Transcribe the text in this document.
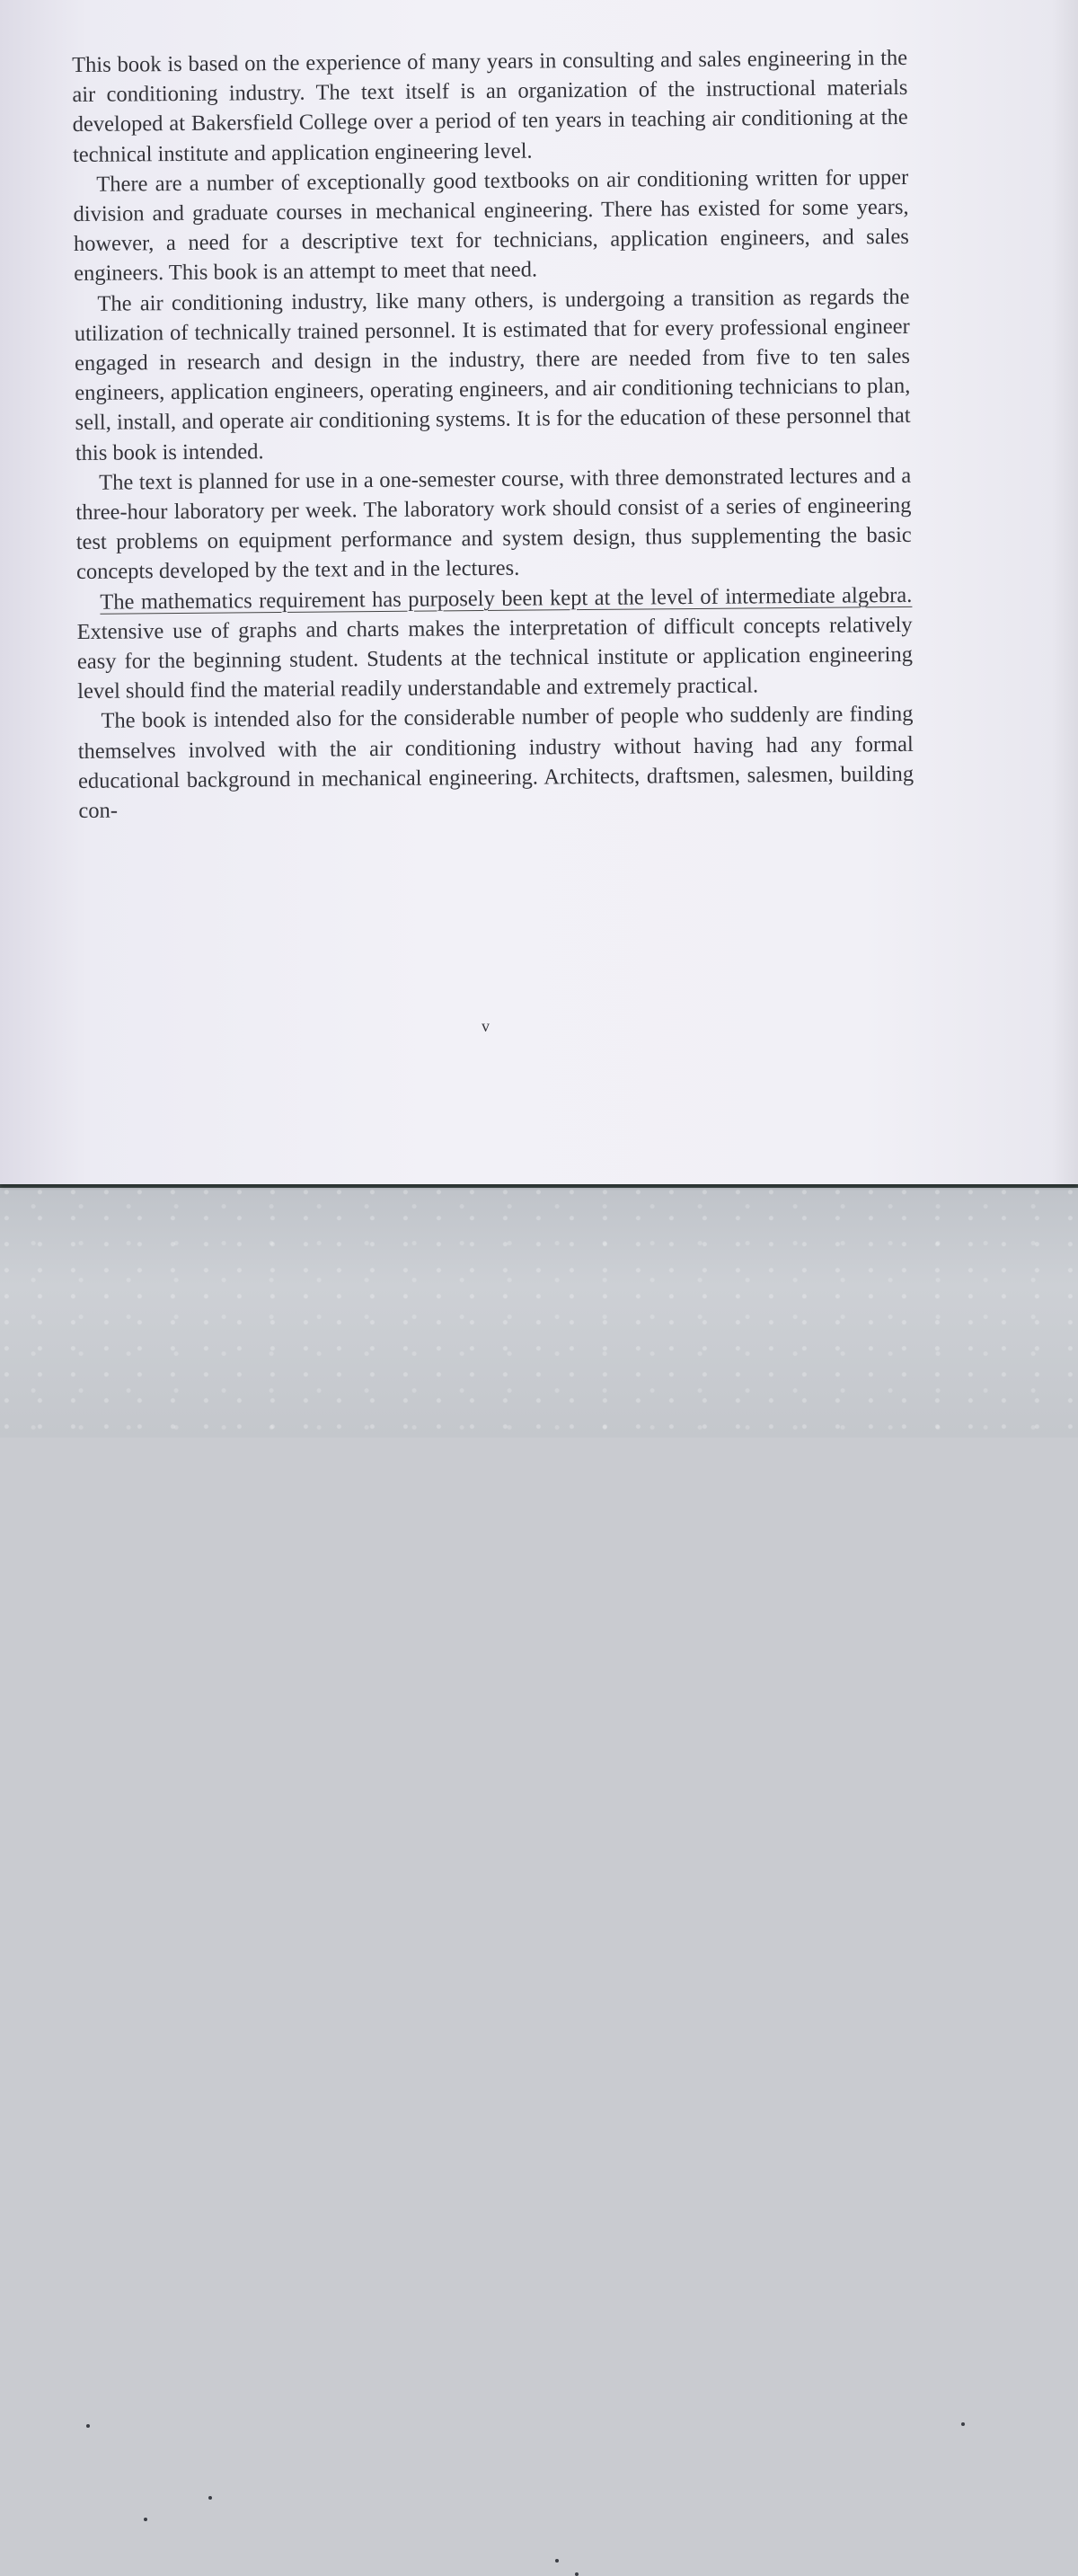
This book is based on the experience of many years in consulting and sales engineering in the air conditioning industry. The text itself is an organization of the instructional materials developed at Bakersfield College over a period of ten years in teaching air conditioning at the technical institute and application engineering level.

There are a number of exceptionally good textbooks on air conditioning written for upper division and graduate courses in mechanical engineering. There has existed for some years, however, a need for a descriptive text for technicians, application engineers, and sales engineers. This book is an attempt to meet that need.

The air conditioning industry, like many others, is undergoing a transition as regards the utilization of technically trained personnel. It is estimated that for every professional engineer engaged in research and design in the industry, there are needed from five to ten sales engineers, application engineers, operating engineers, and air conditioning technicians to plan, sell, install, and operate air conditioning systems. It is for the education of these personnel that this book is intended.

The text is planned for use in a one-semester course, with three demonstrated lectures and a three-hour laboratory per week. The laboratory work should consist of a series of engineering test problems on equipment performance and system design, thus supplementing the basic concepts developed by the text and in the lectures.

The mathematics requirement has purposely been kept at the level of intermediate algebra. Extensive use of graphs and charts makes the interpretation of difficult concepts relatively easy for the beginning student. Students at the technical institute or application engineering level should find the material readily understandable and extremely practical.

The book is intended also for the considerable number of people who suddenly are finding themselves involved with the air conditioning industry without having had any formal educational background in mechanical engineering. Architects, draftsmen, salesmen, building con-

v
